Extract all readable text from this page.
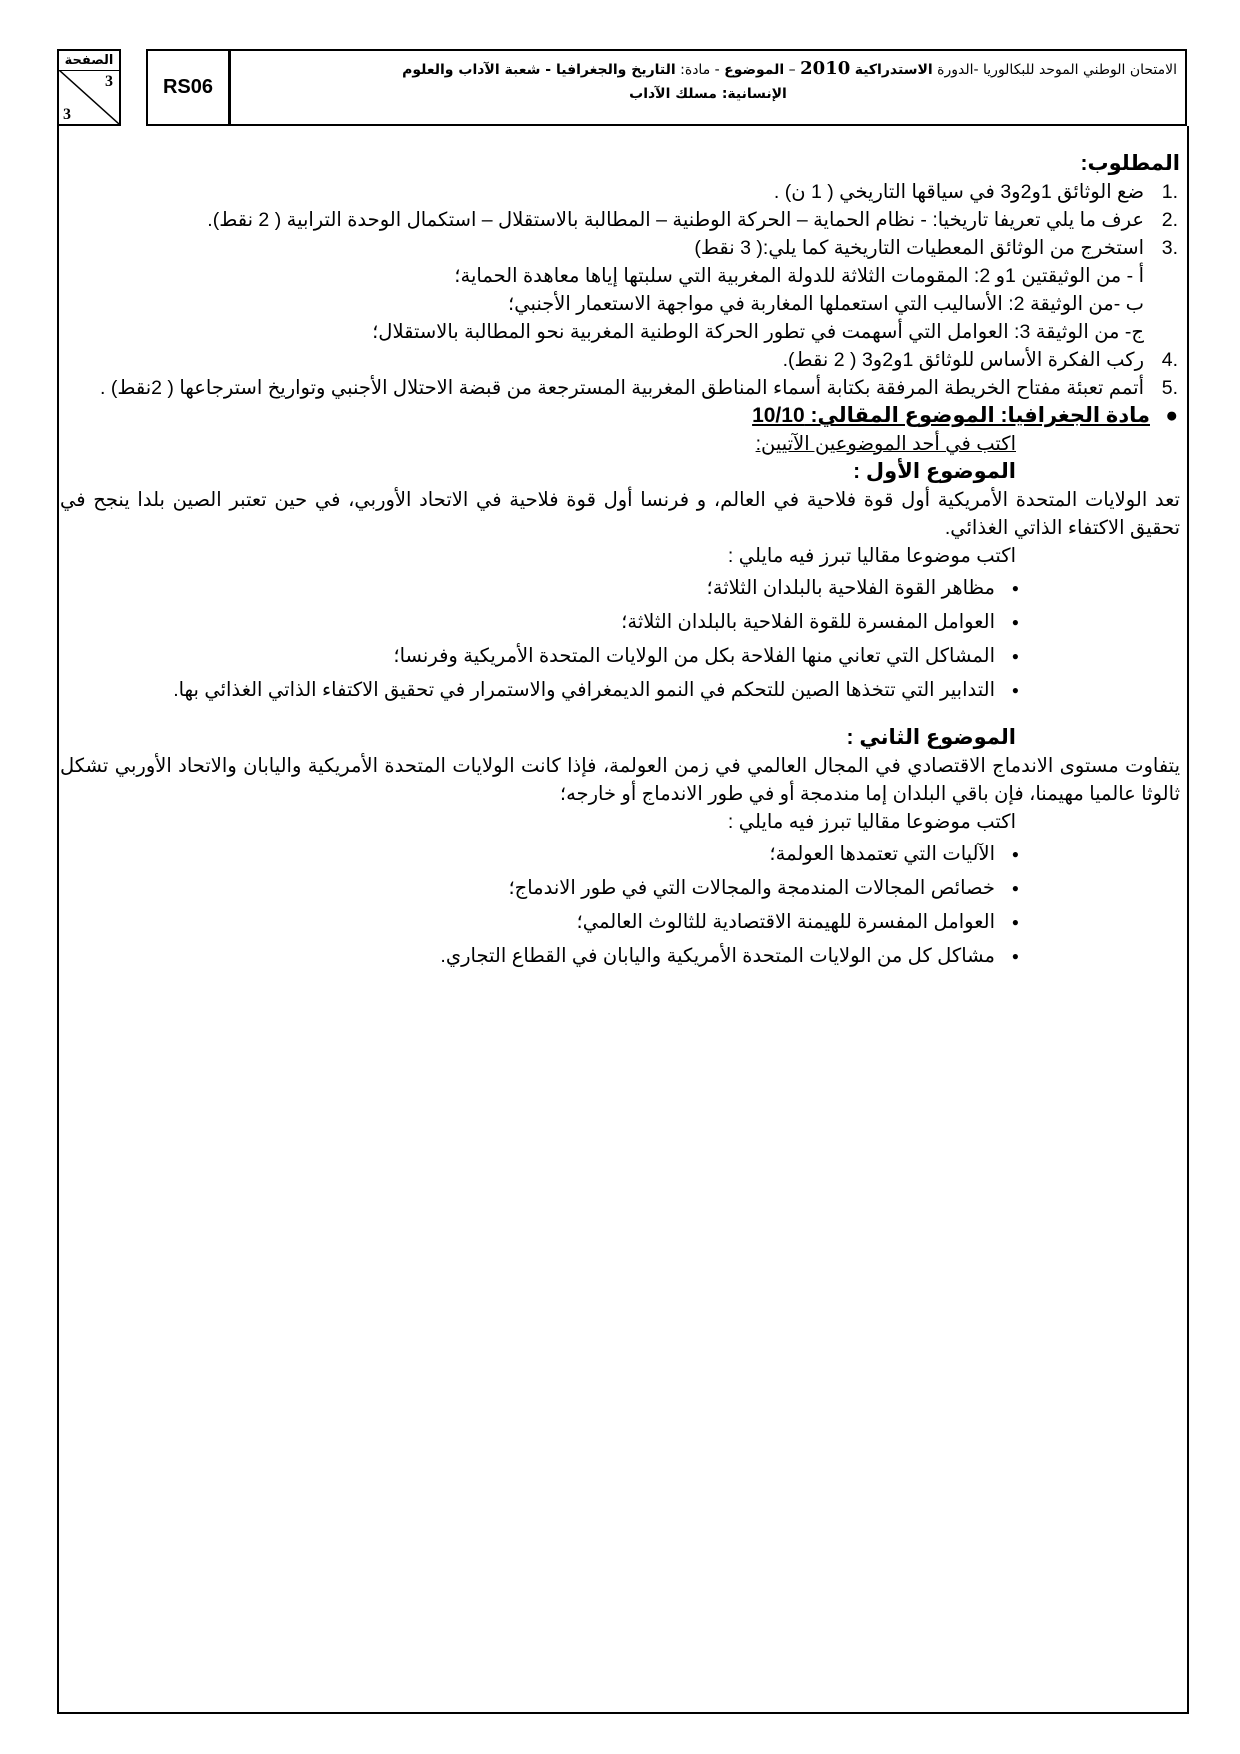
الصفحة
3
3
RS06
الامتحان الوطني الموحد للبكالوريا -الدورة الاستدراكية 2010 – الموضوع - مادة: التاريخ والجغرافيا - شعبة الآداب والعلوم
الإنسانية: مسلك الآداب

المطلوب:

1.
ضع الوثائق 1و2و3 في سياقها التاريخي ( 1 ن) .
2.
عرف ما يلي تعريفا تاريخيا: - نظام الحماية – الحركة الوطنية – المطالبة بالاستقلال – استكمال الوحدة الترابية ( 2 نقط).
3.
استخرج من الوثائق المعطيات التاريخية كما يلي:( 3 نقط)
أ - من الوثيقتين 1و 2: المقومات الثلاثة للدولة المغربية التي سلبتها إياها معاهدة الحماية؛
ب -من الوثيقة 2: الأساليب التي استعملها المغاربة في مواجهة الاستعمار الأجنبي؛
ج- من الوثيقة 3: العوامل التي أسهمت في تطور الحركة الوطنية المغربية نحو المطالبة بالاستقلال؛
4.
ركب الفكرة الأساس للوثائق 1و2و3 ( 2 نقط).
5.
أتمم تعبئة مفتاح الخريطة المرفقة بكتابة أسماء المناطق المغربية المسترجعة من قبضة الاحتلال الأجنبي وتواريخ استرجاعها ( 2نقط) .

●
مادة الجغرافيا: الموضوع المقالي: 10/10

اكتب في أحد الموضوعين الآتيين:

الموضوع الأول :

تعد الولايات المتحدة الأمريكية أول قوة فلاحية في العالم، و فرنسا أول قوة فلاحية في الاتحاد الأوربي، في حين تعتبر الصين بلدا ينجح في تحقيق الاكتفاء الذاتي الغذائي.

اكتب موضوعا مقاليا تبرز فيه مايلي :

● مظاهر القوة الفلاحية بالبلدان الثلاثة؛
● العوامل المفسرة للقوة الفلاحية بالبلدان الثلاثة؛
● المشاكل التي تعاني منها الفلاحة بكل من الولايات المتحدة الأمريكية وفرنسا؛
● التدابير التي تتخذها الصين للتحكم في النمو الديمغرافي والاستمرار في تحقيق الاكتفاء الذاتي الغذائي بها.

الموضوع الثاني :

يتفاوت مستوى الاندماج الاقتصادي في المجال العالمي في زمن العولمة، فإذا كانت الولايات المتحدة الأمريكية واليابان والاتحاد الأوربي تشكل ثالوثا عالميا مهيمنا، فإن باقي البلدان إما مندمجة أو في طور الاندماج أو خارجه؛

اكتب موضوعا مقاليا تبرز فيه مايلي :

● الآليات التي تعتمدها العولمة؛
● خصائص المجالات المندمجة والمجالات التي في طور الاندماج؛
● العوامل المفسرة للهيمنة الاقتصادية للثالوث العالمي؛
● مشاكل كل من الولايات المتحدة الأمريكية واليابان في القطاع التجاري.
